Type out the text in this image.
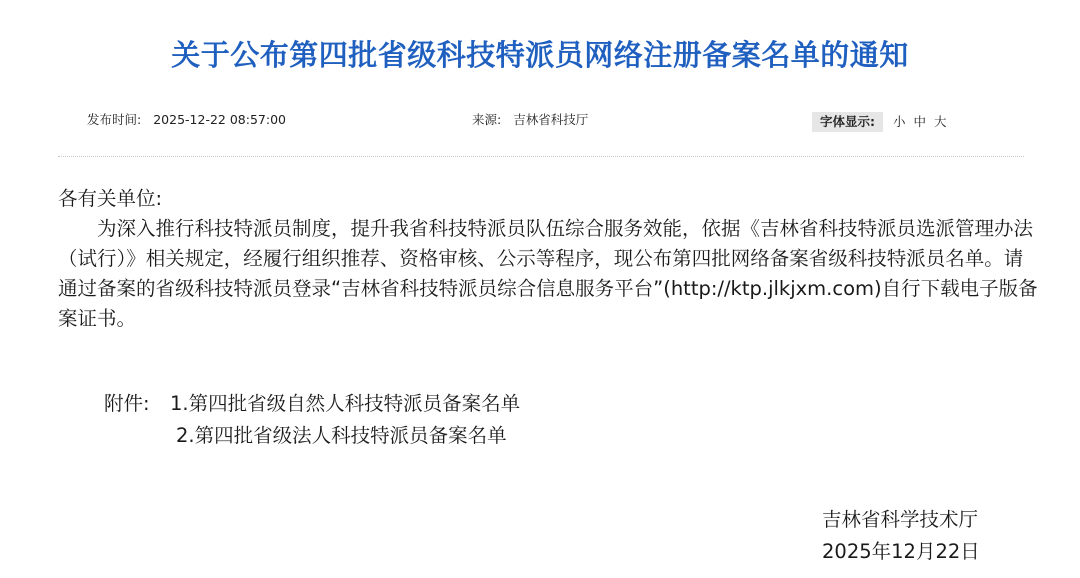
关于公布第四批省级科技特派员网络注册备案名单的通知
发布时间: 2025-12-22 08:57:00	来源: 吉林省科技厅	字体显示: 小 中 大
各有关单位:

为深入推行科技特派员制度，提升我省科技特派员队伍综合服务效能，依据《吉林省科技特派员选派管理办法（试行）》相关规定，经履行组织推荐、资格审核、公示等程序，现公布第四批网络备案省级科技特派员名单。请通过备案的省级科技特派员登录“吉林省科技特派员综合信息服务平台”(http://ktp.jlkjxm.com)自行下载电子版备案证书。

附件:	1.第四批省级自然人科技特派员备案名单
2.第四批省级法人科技特派员备案名单
吉林省科学技术厅
2025年12月22日
